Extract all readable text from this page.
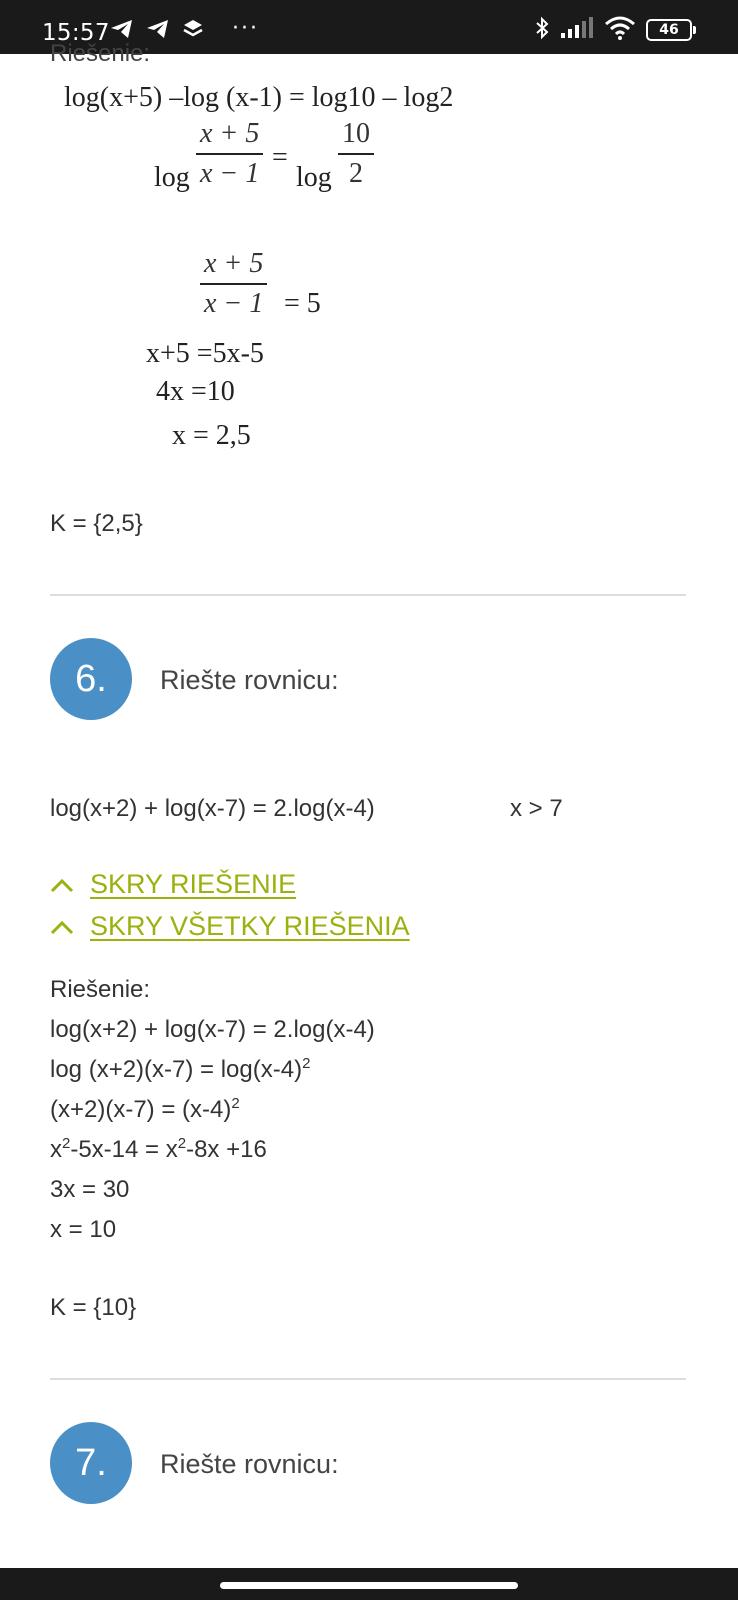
15:57	···	46
Riešenie:
log(x+5) –log (x-1) = log10 – log2
log
x + 5
x − 1
=
log
10
2
x + 5
x − 1 = 5
x+5 =5x-5
4x =10
x = 2,5
K = {2,5}
6.	Riešte rovnicu:
log(x+2) + log(x-7) = 2.log(x-4)	x > 7
SKRY RIEŠENIE
SKRY VŠETKY RIEŠENIA
Riešenie:
log(x+2) + log(x-7) = 2.log(x-4)
$\log (x+2)(x-7) = \log(x-4)^2$
$(x+2)(x-7) = (x-4)^2$
$x^2-5x-14 = x^2-8x +16$
3x = 30
x = 10
K = {10}
7.	Riešte rovnicu:
